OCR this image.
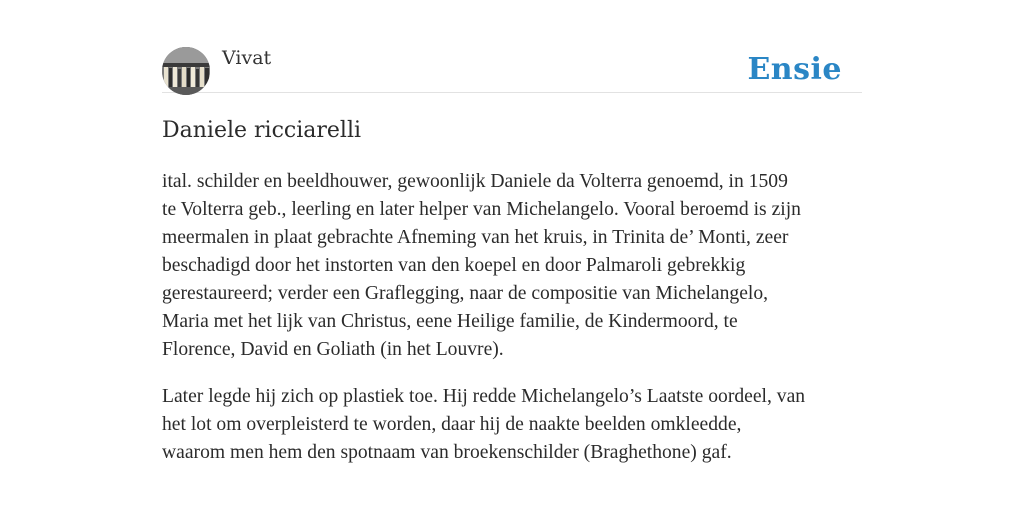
Vivat	Ensie
Daniele ricciarelli

ital. schilder en beeldhouwer, gewoonlijk Daniele da Volterra genoemd, in 1509
te Volterra geb., leerling en later helper van Michelangelo. Vooral beroemd is zijn
meermalen in plaat gebrachte Afneming van het kruis, in Trinita de’ Monti, zeer
beschadigd door het instorten van den koepel en door Palmaroli gebrekkig
gerestaureerd; verder een Graflegging, naar de compositie van Michelangelo,
Maria met het lijk van Christus, eene Heilige familie, de Kindermoord, te
Florence, David en Goliath (in het Louvre).

Later legde hij zich op plastiek toe. Hij redde Michelangelo’s Laatste oordeel, van
het lot om overpleisterd te worden, daar hij de naakte beelden omkleedde,
waarom men hem den spotnaam van broekenschilder (Braghethone) gaf.
